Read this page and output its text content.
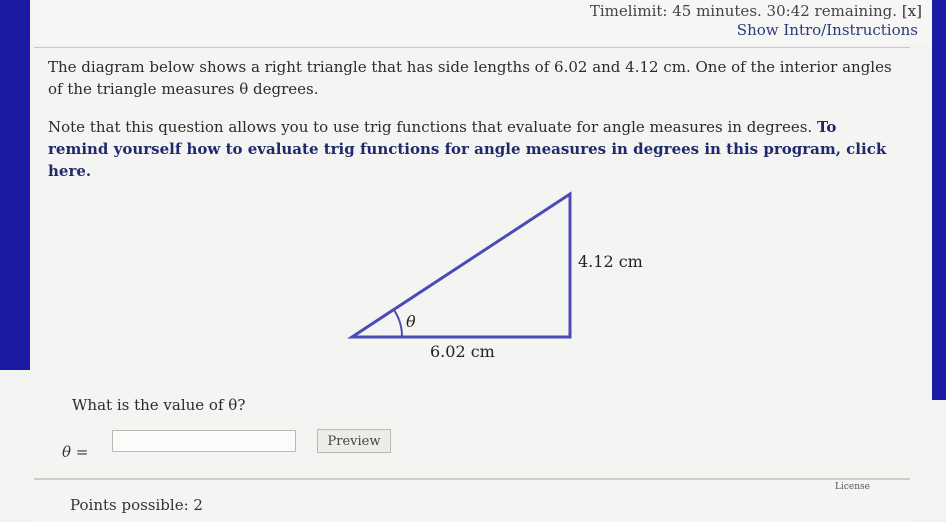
Timelimit: 45 minutes. 30:42 remaining. [x]
Show Intro/Instructions
The diagram below shows a right triangle that has side lengths of 6.02 and 4.12 cm. One of the interior angles of the triangle measures θ degrees.
Note that this question allows you to use trig functions that evaluate for angle measures in degrees. To remind yourself how to evaluate trig functions for angle measures in degrees in this program, click here.
4.12 cm
6.02 cm
θ
What is the value of θ?
θ =
Preview
License
Points possible: 2
